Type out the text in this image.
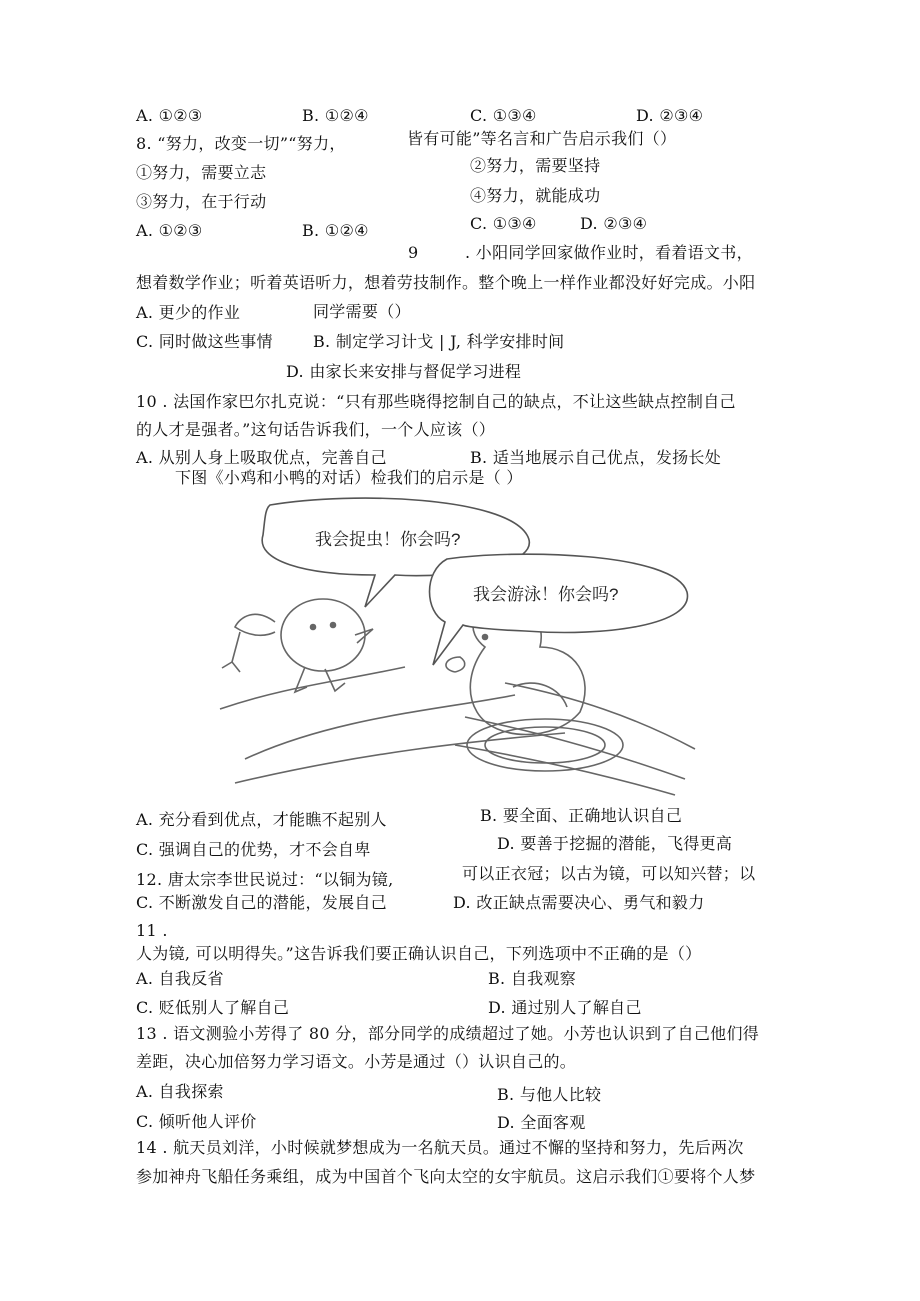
A. ①②③	B. ①②④	C. ①③④	D. ②③④
8. “努力，改变一切”“努力，	皆有可能”等名言和广告启示我们（）
①努力，需要立志	②努力，需要坚持
③努力，在于行动	④努力，就能成功
C. ①③④	D. ②③④
A. ①②③	B. ①②④
9	. 小阳同学回家做作业时，看着语文书，
想着数学作业；听着英语听力，想着劳技制作。整个晚上一样作业都没好好完成。小阳
A. 更少的作业	同学需要（）
C. 同时做这些事情	B. 制定学习计戈 | J, 科学安排时间
D. 由家长来安排与督促学习进程
10 . 法国作家巴尔扎克说：“只有那些晓得挖制自己的缺点，不让这些缺点控制自己
的人才是强者。”这句话告诉我们，一个人应该（）
A. 从别人身上吸取优点，完善自己	B. 适当地展示自己优点，发扬长处
下图《小鸡和小鸭的对话）检我们的启示是（ ）
我会捉虫！你会吗?
我会游泳！你会吗?
A. 充分看到优点，才能瞧不起别人	B. 要全面、正确地认识自己
D. 要善于挖掘的潜能，飞得更高
C. 强调自己的优势，才不会自卑
可以正衣冠；以古为镜，可以知兴替；以
12. 唐太宗李世民说过：“以铜为镜,
C. 不断激发自己的潜能，发展自己	D. 改正缺点需要决心、勇气和毅力
11 .
人为镜, 可以明得失。”这告诉我们要正确认识自己，下列选项中不正确的是（）
A. 自我反省	B. 自我观察
C. 贬低别人了解自己	D. 通过别人了解自己
13 . 语文测验小芳得了 80 分，部分同学的成绩超过了她。小芳也认识到了自己他们得
差距，决心加倍努力学习语文。小芳是通过（）认识自己的。
A. 自我探索	B. 与他人比较
C. 倾听他人评价	D. 全面客观
14 . 航天员刘洋，小时候就梦想成为一名航天员。通过不懈的坚持和努力，先后两次
参加神舟飞船任务乘组，成为中国首个飞向太空的女宇航员。这启示我们①要将个人梦
